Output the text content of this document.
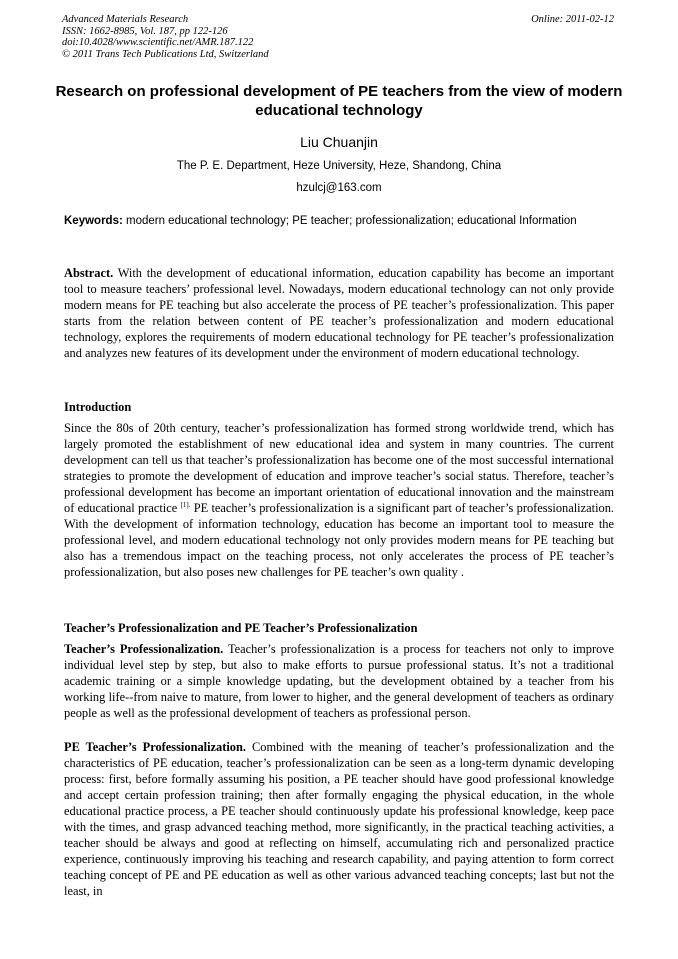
Advanced Materials Research
ISSN: 1662-8985, Vol. 187, pp 122-126
doi:10.4028/www.scientific.net/AMR.187.122
© 2011 Trans Tech Publications Ltd, Switzerland
Online: 2011-02-12
Research on professional development of PE teachers from the view of modern educational technology
Liu Chuanjin
The P. E. Department, Heze University, Heze, Shandong, China
hzulcj@163.com
Keywords: modern educational technology; PE teacher; professionalization; educational Information
Abstract. With the development of educational information, education capability has become an important tool to measure teachers’ professional level. Nowadays, modern educational technology can not only provide modern means for PE teaching but also accelerate the process of PE teacher’s professionalization. This paper starts from the relation between content of PE teacher’s professionalization and modern educational technology, explores the requirements of modern educational technology for PE teacher’s professionalization and analyzes new features of its development under the environment of modern educational technology.
Introduction
Since the 80s of 20th century, teacher’s professionalization has formed strong worldwide trend, which has largely promoted the establishment of new educational idea and system in many countries. The current development can tell us that teacher’s professionalization has become one of the most successful international strategies to promote the development of education and improve teacher’s social status. Therefore, teacher’s professional development has become an important orientation of educational innovation and the mainstream of educational practice $^{[1].}$ PE teacher’s professionalization is a significant part of teacher’s professionalization. With the development of information technology, education has become an important tool to measure the professional level, and modern educational technology not only provides modern means for PE teaching but also has a tremendous impact on the teaching process, not only accelerates the process of PE teacher’s professionalization, but also poses new challenges for PE teacher’s own quality .
Teacher’s Professionalization and PE Teacher’s Professionalization
Teacher’s Professionalization. Teacher’s professionalization is a process for teachers not only to improve individual level step by step, but also to make efforts to pursue professional status. It’s not a traditional academic training or a simple knowledge updating, but the development obtained by a teacher from his working life--from naive to mature, from lower to higher, and the general development of teachers as ordinary people as well as the professional development of teachers as professional person.
PE Teacher’s Professionalization. Combined with the meaning of teacher’s professionalization and the characteristics of PE education, teacher’s professionalization can be seen as a long-term dynamic developing process: first, before formally assuming his position, a PE teacher should have good professional knowledge and accept certain profession training; then after formally engaging the physical education, in the whole educational practice process, a PE teacher should continuously update his professional knowledge, keep pace with the times, and grasp advanced teaching method, more significantly, in the practical teaching activities, a teacher should be always and good at reflecting on himself, accumulating rich and personalized practice experience, continuously improving his teaching and research capability, and paying attention to form correct teaching concept of PE and PE education as well as other various advanced teaching concepts; last but not the least, in
